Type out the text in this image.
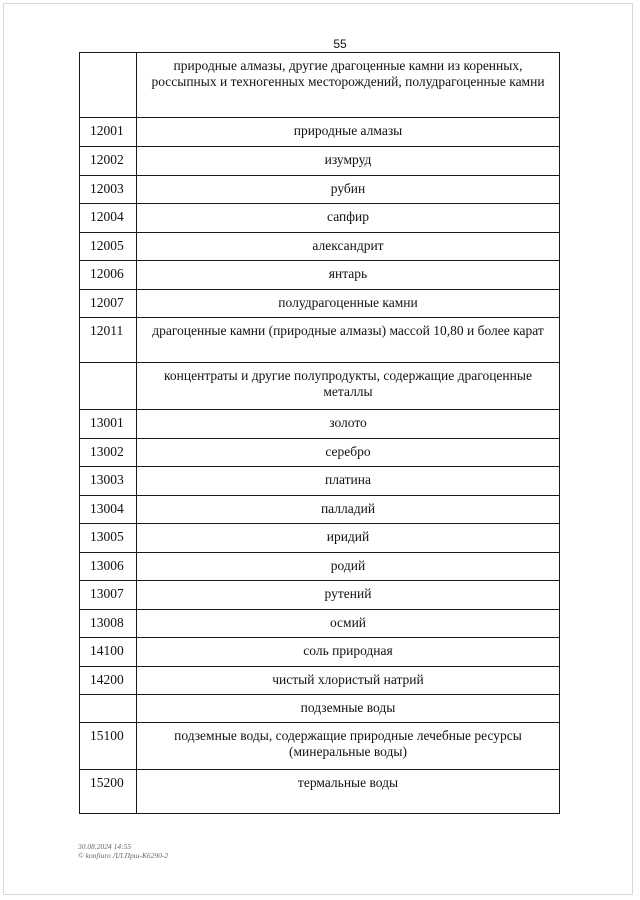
55
	природные алмазы, другие драгоценные камни из коренных, россыпных и техногенных месторождений, полудрагоценные камни
12001	природные алмазы
12002	изумруд
12003	рубин
12004	сапфир
12005	александрит
12006	янтарь
12007	полудрагоценные камни
12011	драгоценные камни (природные алмазы) массой 10,80 и более карат
	концентраты и другие полупродукты, содержащие драгоценные металлы
13001	золото
13002	серебро
13003	платина
13004	палладий
13005	иридий
13006	родий
13007	рутений
13008	осмий
14100	соль природная
14200	чистый хлористый натрий
	подземные воды
15100	подземные воды, содержащие природные лечебные ресурсы (минеральные воды)
15200	термальные воды
30.08.2024 14:55
© konfiuro ЛЛ.Прш-К6290-2
